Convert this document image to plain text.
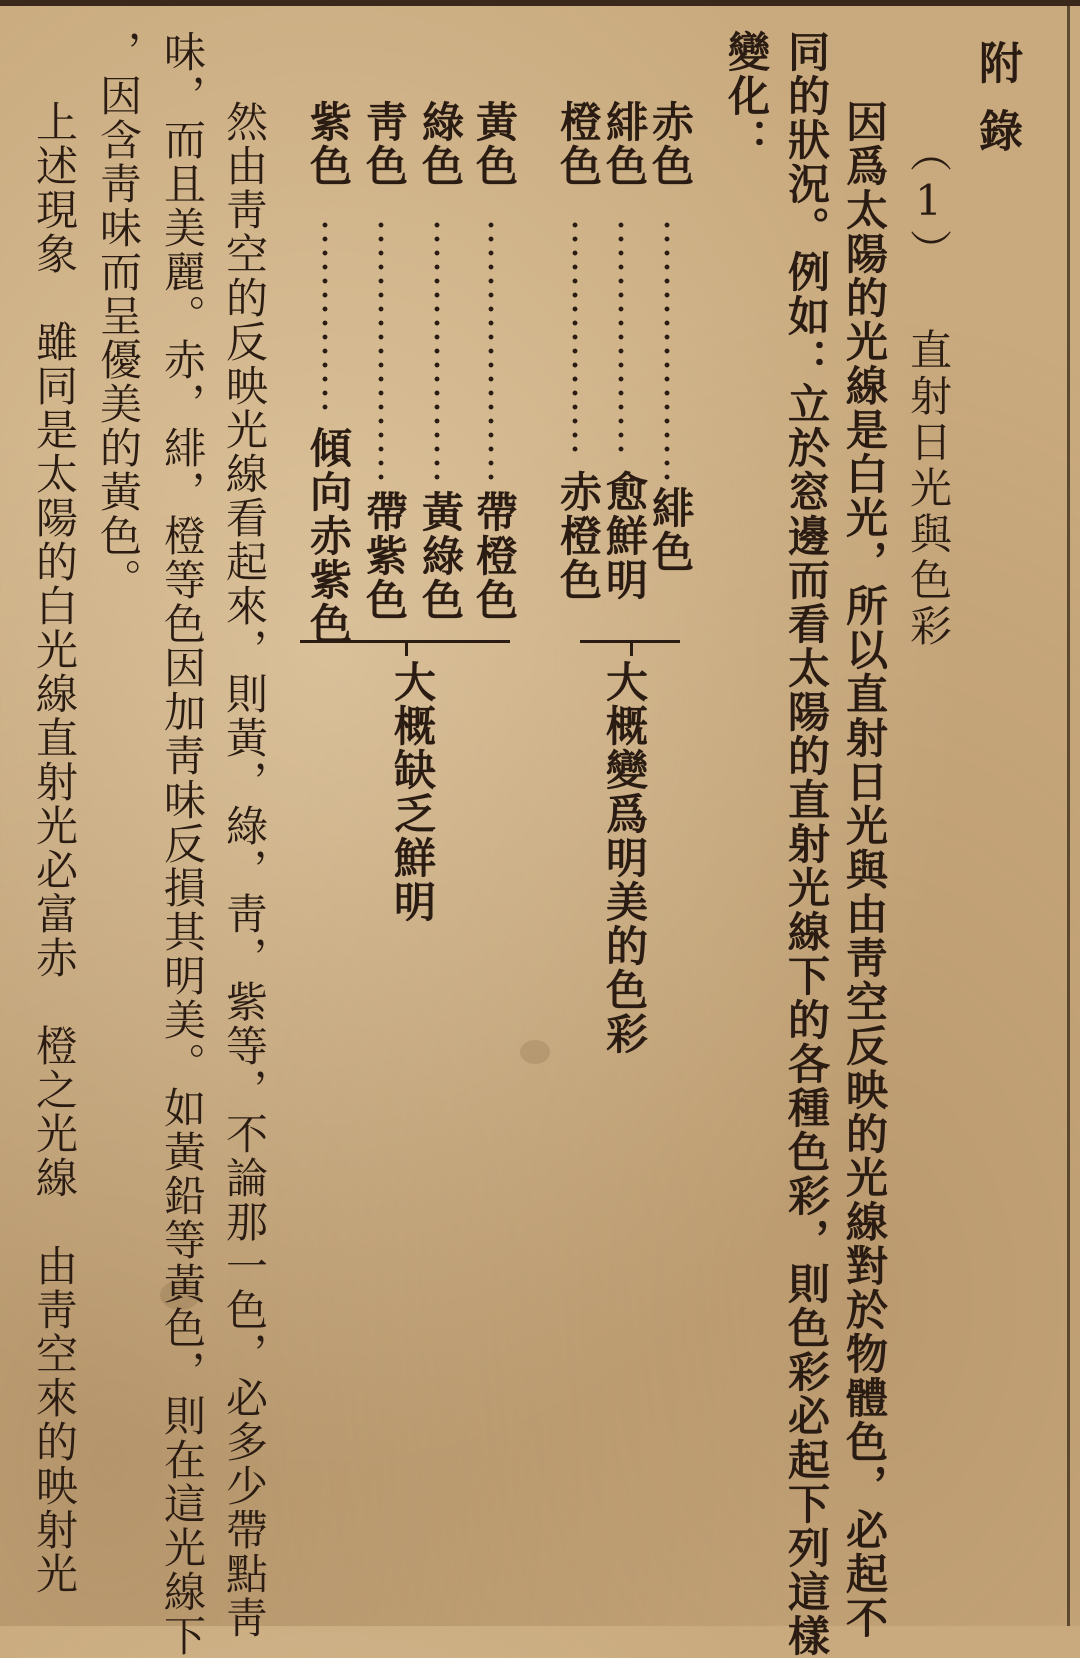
附錄
（1） 直射日光與色彩
因爲太陽的光線是白光，所以直射日光與由靑空反映的光線對於物體色，必起不
同的狀況。例如：立於窓邊而看太陽的直射光線下的各種色彩，則色彩必起下列這樣
變化：
赤色
緋色
緋色
愈鮮明
橙色
赤橙色
大概變爲明美的色彩
黃色
帶橙色
綠色
黃綠色
靑色
帶紫色
紫色
傾向赤紫色
大概缺乏鮮明
然由靑空的反映光線看起來，則黃，綠，靑，紫等，不論那一色，必多少帶點靑
味，而且美麗。赤，緋，橙等色因加靑味反損其明美。如黃鉛等黃色，則在這光線下
，因含靑味而呈優美的黃色。
上述現象　雖同是太陽的白光線直射光必富赤　橙之光線　由靑空來的映射光
